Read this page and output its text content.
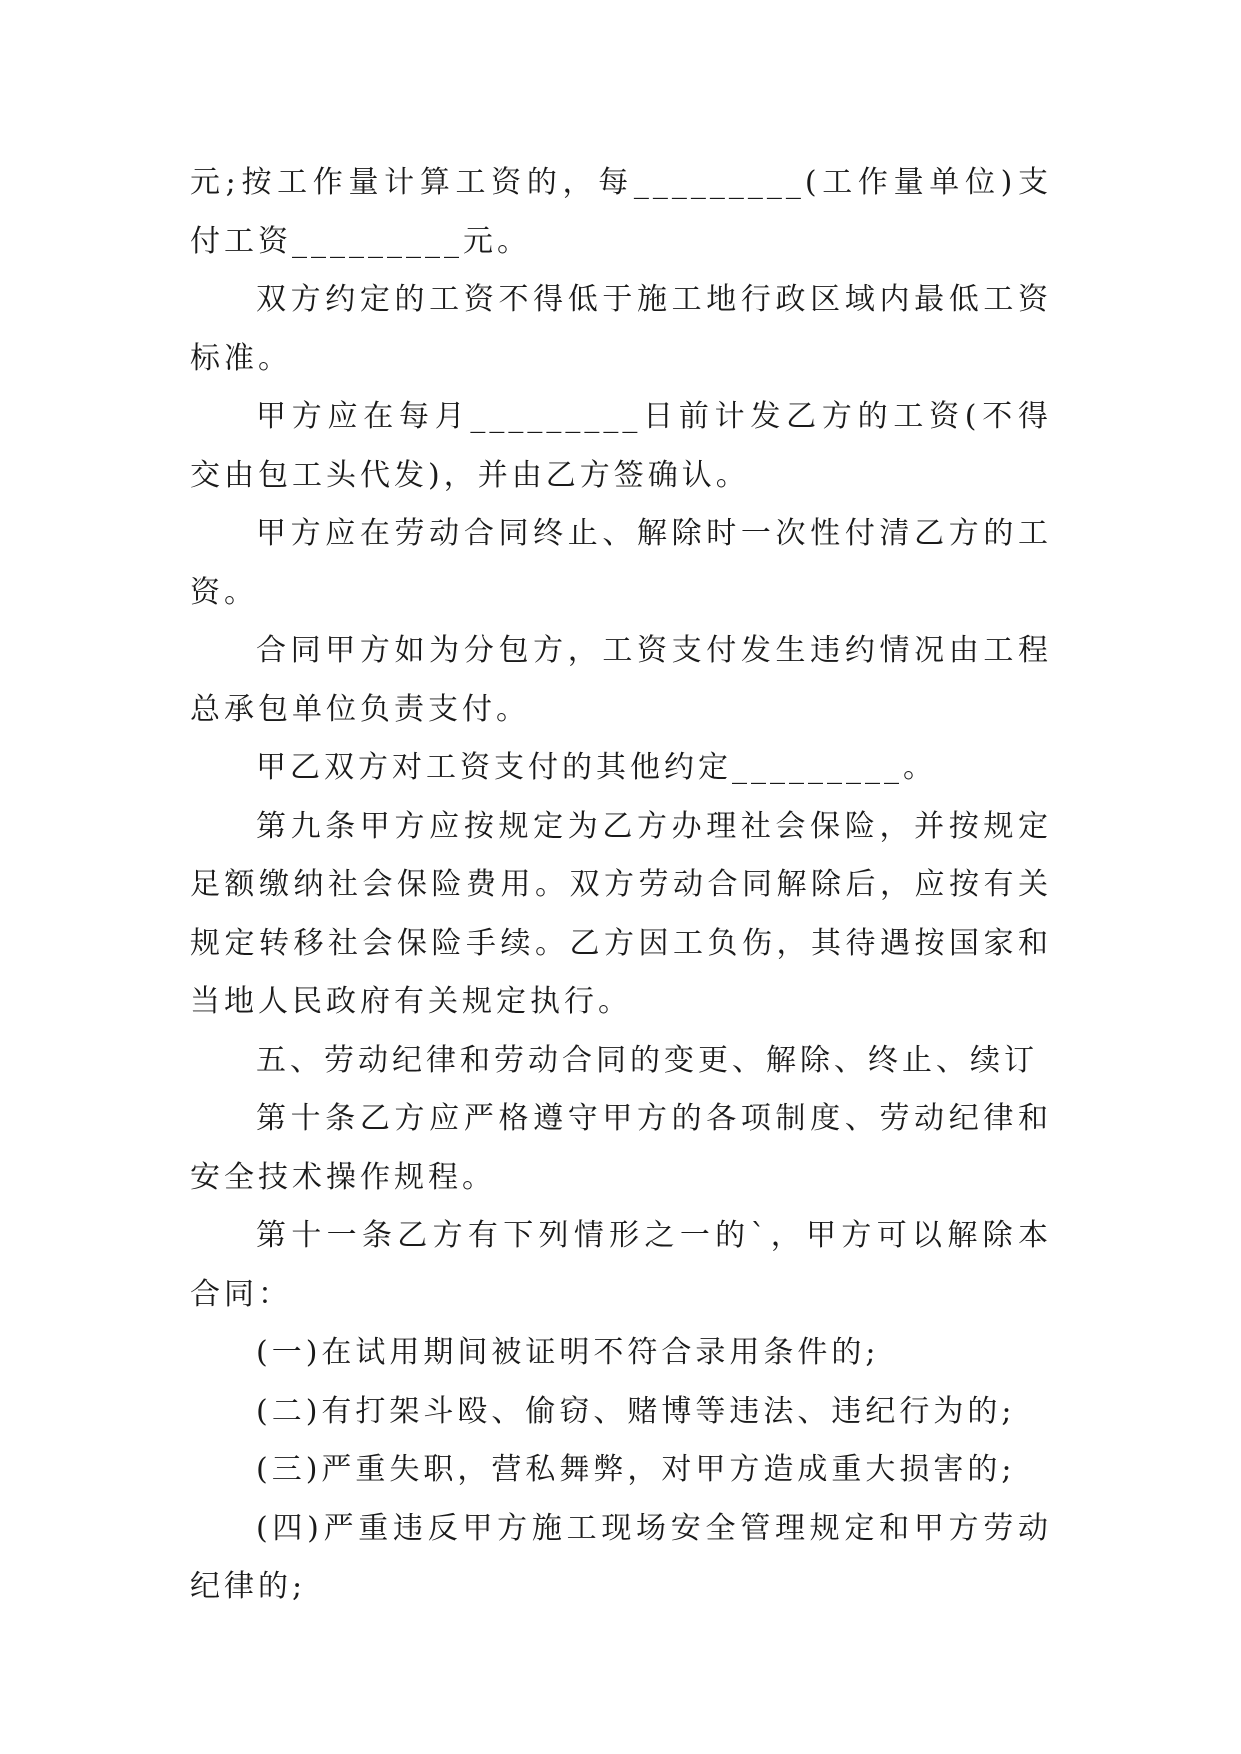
元;按工作量计算工资的，每_________(工作量单位)支付工资_________元。

双方约定的工资不得低于施工地行政区域内最低工资标准。

甲方应在每月_________日前计发乙方的工资(不得交由包工头代发)，并由乙方签确认。

甲方应在劳动合同终止、解除时一次性付清乙方的工资。

合同甲方如为分包方，工资支付发生违约情况由工程总承包单位负责支付。

甲乙双方对工资支付的其他约定_________。

第九条甲方应按规定为乙方办理社会保险，并按规定足额缴纳社会保险费用。双方劳动合同解除后，应按有关规定转移社会保险手续。乙方因工负伤，其待遇按国家和当地人民政府有关规定执行。

五、劳动纪律和劳动合同的变更、解除、终止、续订

第十条乙方应严格遵守甲方的各项制度、劳动纪律和安全技术操作规程。

第十一条乙方有下列情形之一的`，甲方可以解除本合同：

(一)在试用期间被证明不符合录用条件的;

(二)有打架斗殴、偷窃、赌博等违法、违纪行为的;

(三)严重失职，营私舞弊，对甲方造成重大损害的;

(四)严重违反甲方施工现场安全管理规定和甲方劳动纪律的;
